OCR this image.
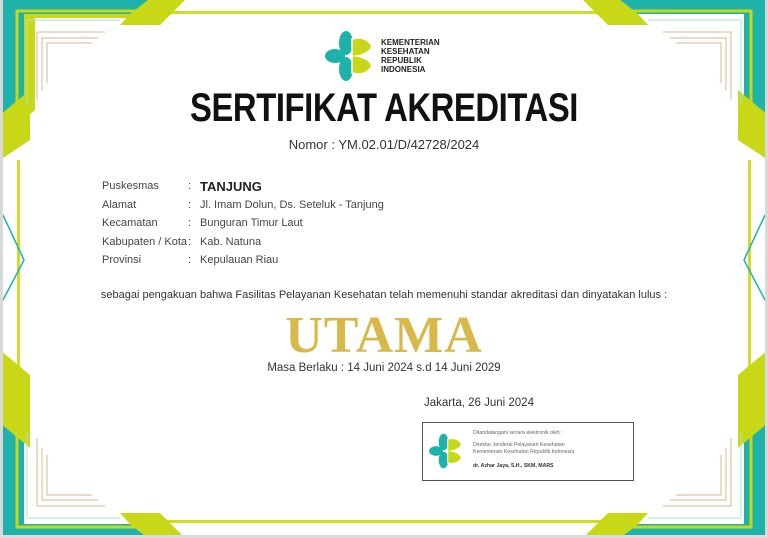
KEMENTERIAN
KESEHATAN
REPUBLIK
INDONESIA
SERTIFIKAT AKREDITASI
Nomor : YM.02.01/D/42728/2024
Puskesmas	: TANJUNG
Alamat	: Jl. Imam Dolun, Ds. Seteluk - Tanjung
Kecamatan	: Bunguran Timur Laut
Kabupaten / Kota : Kab. Natuna
Provinsi	: Kepulauan Riau
sebagai pengakuan bahwa Fasilitas Pelayanan Kesehatan telah memenuhi standar akreditasi dan dinyatakan lulus :
UTAMA
Masa Berlaku : 14 Juni 2024 s.d 14 Juni 2029
Jakarta, 26 Juni 2024
Ditandatangani secara elektronik oleh :
Direktur Jenderal Pelayanan Kesehatan
Kementerian Kesehatan Republik Indonesia
dr. Azhar Jaya, S.H., SKM, MARS
